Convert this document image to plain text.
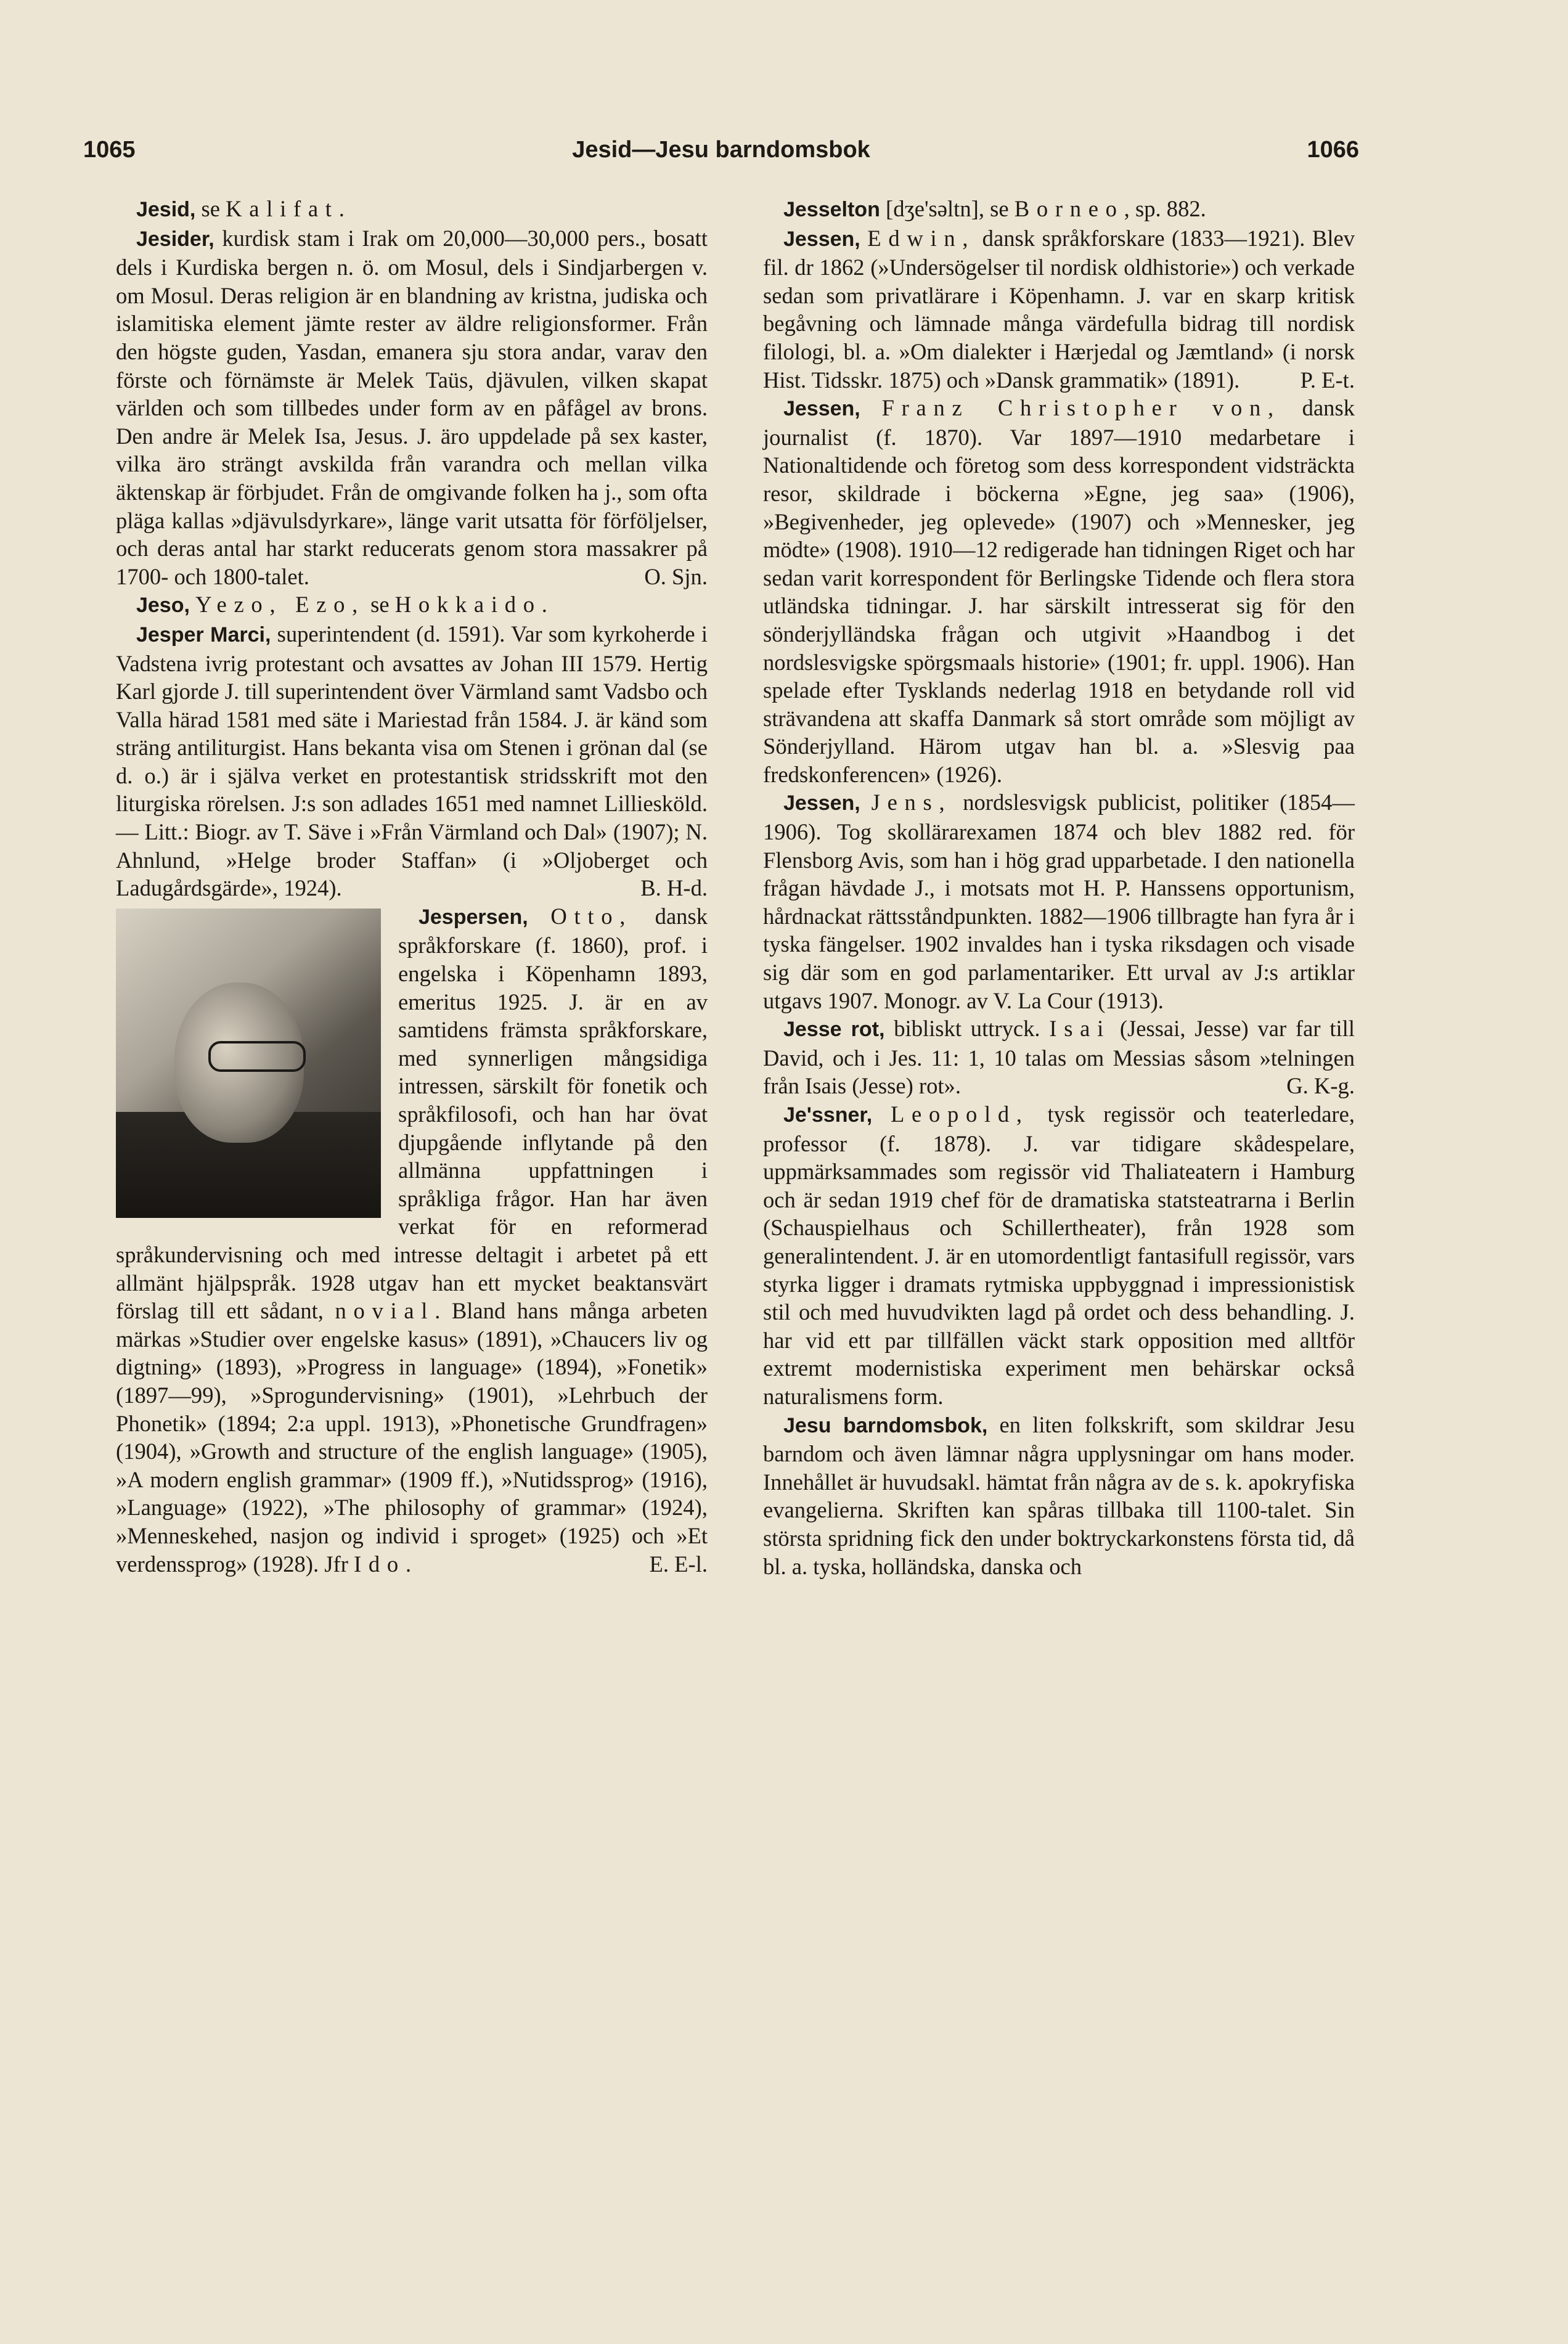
1065	Jesid—Jesu barndomsbok	1066

Jesid, se Kalifat.

Jesider, kurdisk stam i Irak om 20,000—30,000 pers., bosatt dels i Kurdiska bergen n. ö. om Mosul, dels i Sindjarbergen v. om Mosul. Deras religion är en blandning av kristna, judiska och islamitiska element jämte rester av äldre religionsformer. Från den högste guden, Yasdan, emanera sju stora andar, varav den förste och förnämste är Melek Taüs, djävulen, vilken skapat världen och som tillbedes under form av en påfågel av brons. Den andre är Melek Isa, Jesus. J. äro uppdelade på sex kaster, vilka äro strängt avskilda från varandra och mellan vilka äktenskap är förbjudet. Från de omgivande folken ha j., som ofta pläga kallas »djävulsdyrkare», länge varit utsatta för förföljelser, och deras antal har starkt reducerats genom stora massakrer på 1700- och 1800-talet.	O. Sjn.

Jeso, Yezo, Ezo, se Hokkaido.

Jesper Marci, superintendent (d. 1591). Var som kyrkoherde i Vadstena ivrig protestant och avsattes av Johan III 1579. Hertig Karl gjorde J. till superintendent över Värmland samt Vadsbo och Valla härad 1581 med säte i Mariestad från 1584. J. är känd som sträng antiliturgist. Hans bekanta visa om Stenen i grönan dal (se d. o.) är i själva verket en protestantisk stridsskrift mot den liturgiska rörelsen. J:s son adlades 1651 med namnet Lilliesköld. — Litt.: Biogr. av T. Säve i »Från Värmland och Dal» (1907); N. Ahnlund, »Helge broder Staffan» (i »Oljoberget och Ladugårdsgärde», 1924).	B. H-d.

Jespersen, Otto,
dansk språkforskare (f. 1860), prof. i engelska i Köpenhamn 1893, emeritus 1925. J. är en av samtidens främsta språkforskare, med synnerligen mångsidiga intressen, särskilt för fonetik och språkfilosofi, och han har övat djupgående inflytande på den allmänna uppfattningen i språkliga frågor. Han har även verkat för en reformerad språkundervisning och med intresse deltagit i arbetet på ett allmänt hjälpspråk. 1928 utgav han ett mycket beaktansvärt förslag till ett sådant, novial. Bland hans många arbeten märkas »Studier over engelske kasus» (1891), »Chaucers liv og digtning» (1893), »Progress in language» (1894), »Fonetik» (1897—99), »Sprogundervisning» (1901), »Lehrbuch der Phonetik» (1894; 2:a uppl. 1913), »Phonetische Grundfragen» (1904), »Growth and structure of the english language» (1905), »A modern english grammar» (1909 ff.), »Nutidssprog» (1916), »Language» (1922), »The philosophy of grammar» (1924), »Menneskehed, nasjon og individ i sproget» (1925) och »Et verdenssprog» (1928). Jfr Ido.	E. E-l.

Jesselton [dʒe'səltn], se Borneo, sp. 882.

Jessen, Edwin, dansk språkforskare (1833—1921). Blev fil. dr 1862 (»Undersögelser til nordisk oldhistorie») och verkade sedan som privatlärare i Köpenhamn. J. var en skarp kritisk begåvning och lämnade många värdefulla bidrag till nordisk filologi, bl. a. »Om dialekter i Hærjedal og Jæmtland» (i norsk Hist. Tidsskr. 1875) och »Dansk grammatik» (1891).	P. E-t.

Jessen, Franz Christopher von, dansk journalist (f. 1870). Var 1897—1910 medarbetare i Nationaltidende och företog som dess korrespondent vidsträckta resor, skildrade i böckerna »Egne, jeg saa» (1906), »Begivenheder, jeg oplevede» (1907) och »Mennesker, jeg mödte» (1908). 1910—12 redigerade han tidningen Riget och har sedan varit korrespondent för Berlingske Tidende och flera stora utländska tidningar. J. har särskilt intresserat sig för den sönderjylländska frågan och utgivit »Haandbog i det nordslesvigske spörgsmaals historie» (1901; fr. uppl. 1906). Han spelade efter Tysklands nederlag 1918 en betydande roll vid strävandena att skaffa Danmark så stort område som möjligt av Sönderjylland. Härom utgav han bl. a. »Slesvig paa fredskonferencen» (1926).

Jessen, Jens, nordslesvigsk publicist, politiker (1854—1906). Tog skollärarexamen 1874 och blev 1882 red. för Flensborg Avis, som han i hög grad upparbetade. I den nationella frågan hävdade J., i motsats mot H. P. Hanssens opportunism, hårdnackat rättsståndpunkten. 1882—1906 tillbragte han fyra år i tyska fängelser. 1902 invaldes han i tyska riksdagen och visade sig där som en god parlamentariker. Ett urval av J:s artiklar utgavs 1907. Monogr. av V. La Cour (1913).

Jesse rot, bibliskt uttryck. Isai (Jessai, Jesse) var far till David, och i Jes. 11: 1, 10 talas om Messias såsom »telningen från Isais (Jesse) rot».	G. K-g.

Je'ssner, Leopold, tysk regissör och teaterledare, professor (f. 1878). J. var tidigare skådespelare, uppmärksammades som regissör vid Thaliateatern i Hamburg och är sedan 1919 chef för de dramatiska statsteatrarna i Berlin (Schauspielhaus och Schillertheater), från 1928 som generalintendent. J. är en utomordentligt fantasifull regissör, vars styrka ligger i dramats rytmiska uppbyggnad i impressionistisk stil och med huvudvikten lagd på ordet och dess behandling. J. har vid ett par tillfällen väckt stark opposition med alltför extremt modernistiska experiment men behärskar också naturalismens form.

Jesu barndomsbok, en liten folkskrift, som skildrar Jesu barndom och även lämnar några upplysningar om hans moder. Innehållet är huvudsakl. hämtat från några av de s. k. apokryfiska evangelierna. Skriften kan spåras tillbaka till 1100-talet. Sin största spridning fick den under boktryckarkonstens första tid, då bl. a. tyska, holländska, danska och
